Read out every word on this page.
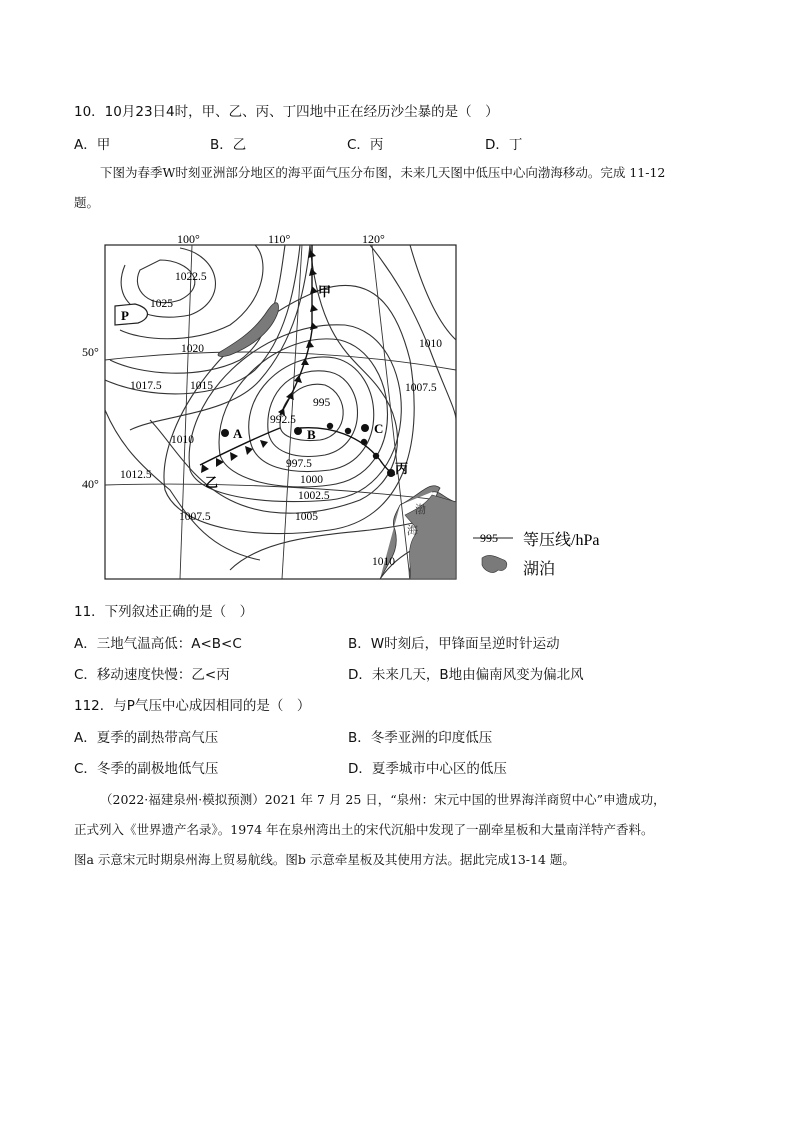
10．10月23日4时，甲、乙、丙、丁四地中正在经历沙尘暴的是（　）
A．甲	B．乙	C．丙	D．丁
下图为春季W时刻亚洲部分地区的海平面气压分布图，未来几天图中低压中心向渤海移动。完成 11-12
题。
100°	110°	120°
50°
40°
1022.5
1025
1020
1017.5 1015
1010
1012.5
1007.5
992.5
995
997.5
1000
1002.5
1005
1010
1007.5
1010
甲
乙
丙
A	B	C
P
渤
海	995 等压线/hPa
湖泊
11．下列叙述正确的是（　）
A．三地气温高低：A<B<C	B．W时刻后，甲锋面呈逆时针运动
C．移动速度快慢：乙<丙	D．未来几天，B地由偏南风变为偏北风
112．与P气压中心成因相同的是（　）
A．夏季的副热带高气压	B．冬季亚洲的印度低压
C．冬季的副极地低气压	D．夏季城市中心区的低压
（2022·福建泉州·模拟预测）2021 年 7 月 25 日，“泉州：宋元中国的世界海洋商贸中心”申遗成功，
正式列入《世界遗产名录》。1974 年在泉州湾出土的宋代沉船中发现了一副牵星板和大量南洋特产香料。
图a 示意宋元时期泉州海上贸易航线。图b 示意牵星板及其使用方法。据此完成13-14 题。
